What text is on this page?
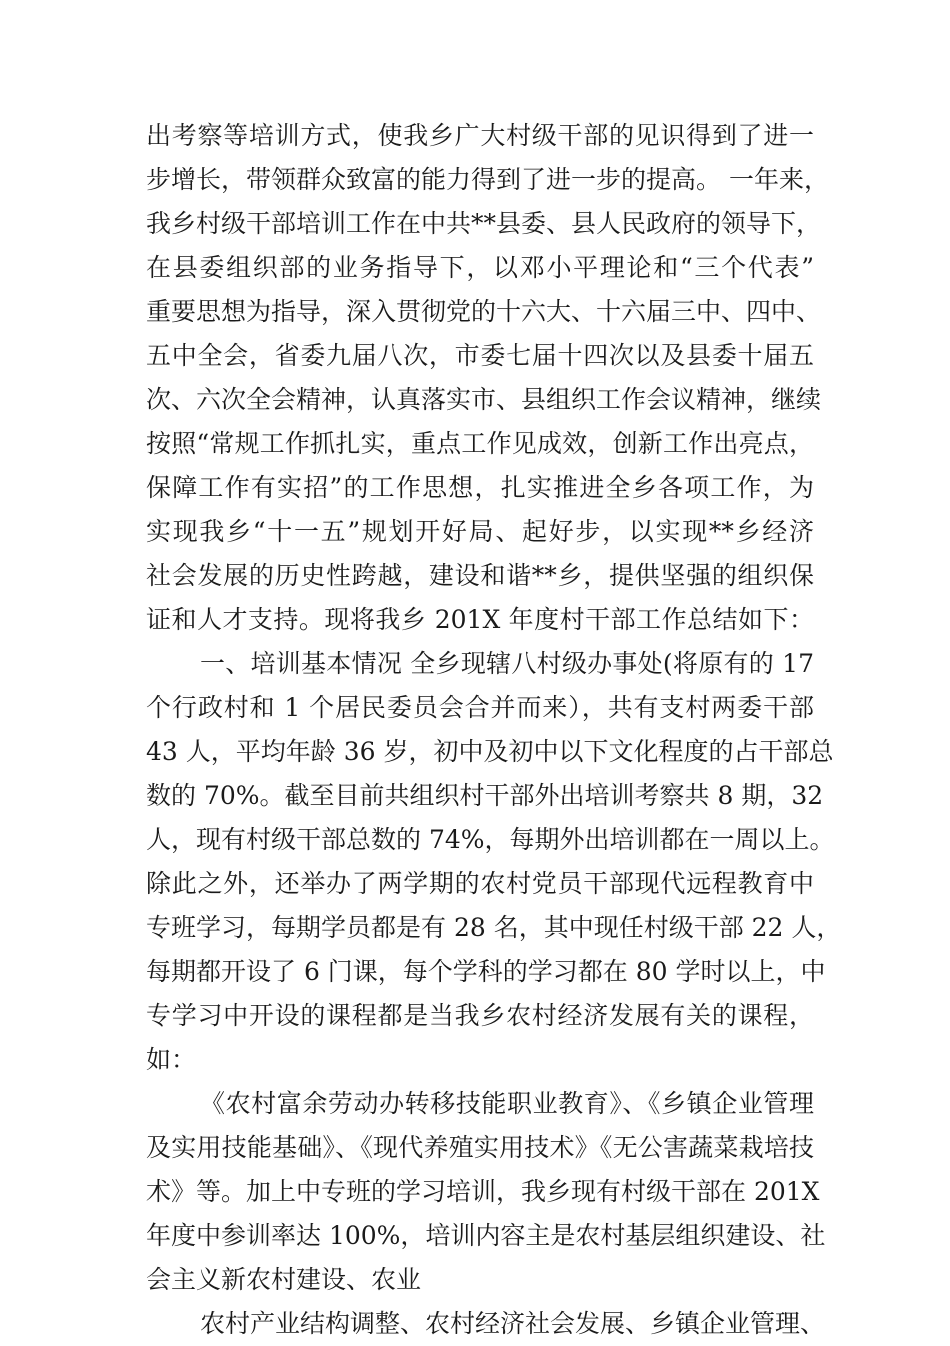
出考察等培训方式，使我乡广大村级干部的见识得到了进一
步增长，带领群众致富的能力得到了进一步的提高。 一年来，
我乡村级干部培训工作在中共**县委、县人民政府的领导下，
在县委组织部的业务指导下，以邓小平理论和“三个代表”
重要思想为指导，深入贯彻党的十六大、十六届三中、四中、
五中全会，省委九届八次，市委七届十四次以及县委十届五
次、六次全会精神，认真落实市、县组织工作会议精神，继续
按照“常规工作抓扎实，重点工作见成效，创新工作出亮点，
保障工作有实招”的工作思想，扎实推进全乡各项工作，为
实现我乡“十一五”规划开好局、起好步，以实现**乡经济
社会发展的历史性跨越，建设和谐**乡，提供坚强的组织保
证和人才支持。现将我乡 201X 年度村干部工作总结如下：
一、培训基本情况 全乡现辖八村级办事处(将原有的 17
个行政村和 1 个居民委员会合并而来），共有支村两委干部
43 人，平均年龄 36 岁，初中及初中以下文化程度的占干部总
数的 70%。截至目前共组织村干部外出培训考察共 8 期，32
人，现有村级干部总数的 74%，每期外出培训都在一周以上。
除此之外，还举办了两学期的农村党员干部现代远程教育中
专班学习，每期学员都是有 28 名，其中现任村级干部 22 人，
每期都开设了 6 门课，每个学科的学习都在 80 学时以上，中
专学习中开设的课程都是当我乡农村经济发展有关的课程，
如：
《农村富余劳动办转移技能职业教育》、《乡镇企业管理
及实用技能基础》、《现代养殖实用技术》《无公害蔬菜栽培技
术》等。加上中专班的学习培训，我乡现有村级干部在 201X
年度中参训率达 100%，培训内容主是农村基层组织建设、社
会主义新农村建设、农业
农村产业结构调整、农村经济社会发展、乡镇企业管理、
